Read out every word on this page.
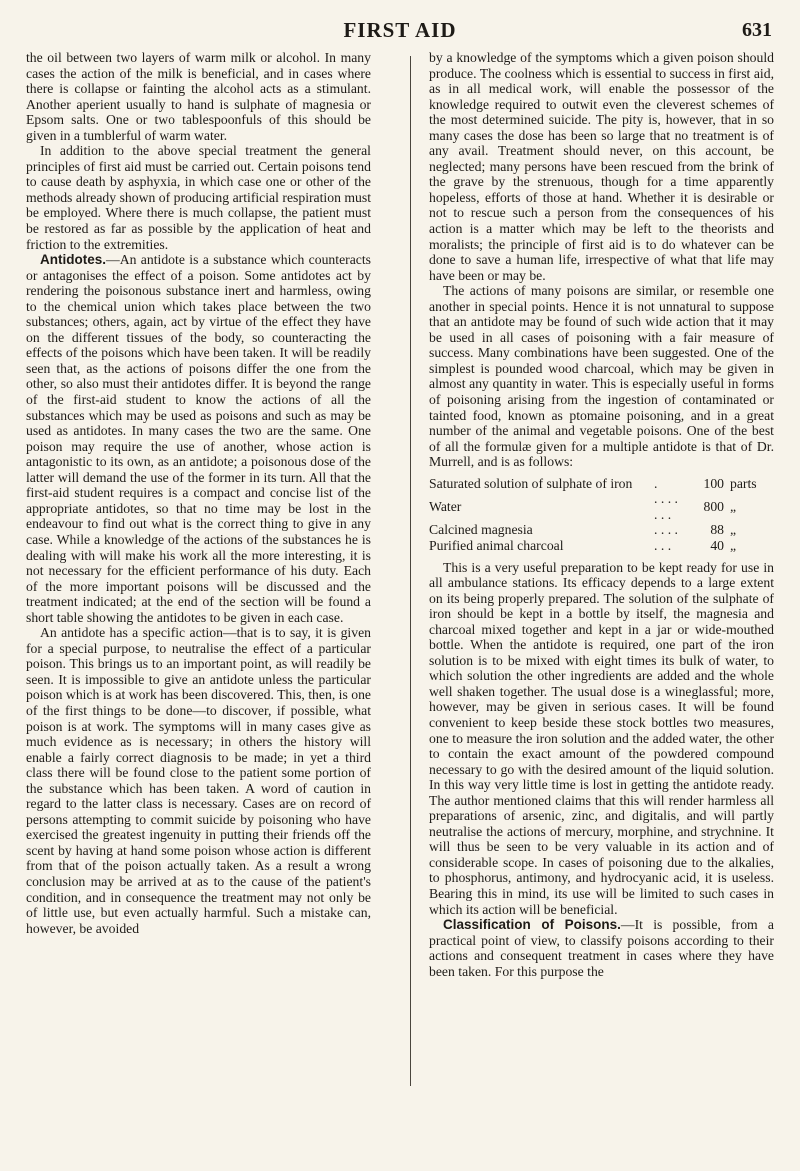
FIRST AID	631

the oil between two layers of warm milk or alcohol. In many cases the action of the milk is beneficial, and in cases where there is collapse or fainting the alcohol acts as a stimulant. Another aperient usually to hand is sulphate of magnesia or Epsom salts. One or two tablespoonfuls of this should be given in a tumblerful of warm water.

In addition to the above special treatment the general principles of first aid must be carried out. Certain poisons tend to cause death by asphyxia, in which case one or other of the methods already shown of producing artificial respiration must be employed. Where there is much collapse, the patient must be restored as far as possible by the application of heat and friction to the extremities.

Antidotes.—An antidote is a substance which counteracts or antagonises the effect of a poison. Some antidotes act by rendering the poisonous substance inert and harmless, owing to the chemical union which takes place between the two substances; others, again, act by virtue of the effect they have on the different tissues of the body, so counteracting the effects of the poisons which have been taken. It will be readily seen that, as the actions of poisons differ the one from the other, so also must their antidotes differ. It is beyond the range of the first-aid student to know the actions of all the substances which may be used as poisons and such as may be used as antidotes. In many cases the two are the same. One poison may require the use of another, whose action is antagonistic to its own, as an antidote; a poisonous dose of the latter will demand the use of the former in its turn. All that the first-aid student requires is a compact and concise list of the appropriate antidotes, so that no time may be lost in the endeavour to find out what is the correct thing to give in any case. While a knowledge of the actions of the substances he is dealing with will make his work all the more interesting, it is not necessary for the efficient performance of his duty. Each of the more important poisons will be discussed and the treatment indicated; at the end of the section will be found a short table showing the antidotes to be given in each case.

An antidote has a specific action—that is to say, it is given for a special purpose, to neutralise the effect of a particular poison. This brings us to an important point, as will readily be seen. It is impossible to give an antidote unless the particular poison which is at work has been discovered. This, then, is one of the first things to be done—to discover, if possible, what poison is at work. The symptoms will in many cases give as much evidence as is necessary; in others the history will enable a fairly correct diagnosis to be made; in yet a third class there will be found close to the patient some portion of the substance which has been taken. A word of caution in regard to the latter class is necessary. Cases are on record of persons attempting to commit suicide by poisoning who have exercised the greatest ingenuity in putting their friends off the scent by having at hand some poison whose action is different from that of the poison actually taken. As a result a wrong conclusion may be arrived at as to the cause of the patient's condition, and in consequence the treatment may not only be of little use, but even actually harmful. Such a mistake can, however, be avoided

by a knowledge of the symptoms which a given poison should produce. The coolness which is essential to success in first aid, as in all medical work, will enable the possessor of the knowledge required to outwit even the cleverest schemes of the most determined suicide. The pity is, however, that in so many cases the dose has been so large that no treatment is of any avail. Treatment should never, on this account, be neglected; many persons have been rescued from the brink of the grave by the strenuous, though for a time apparently hopeless, efforts of those at hand. Whether it is desirable or not to rescue such a person from the consequences of his action is a matter which may be left to the theorists and moralists; the principle of first aid is to do whatever can be done to save a human life, irrespective of what that life may have been or may be.

The actions of many poisons are similar, or resemble one another in special points. Hence it is not unnatural to suppose that an antidote may be found of such wide action that it may be used in all cases of poisoning with a fair measure of success. Many combinations have been suggested. One of the simplest is pounded wood charcoal, which may be given in almost any quantity in water. This is especially useful in forms of poisoning arising from the ingestion of contaminated or tainted food, known as ptomaine poisoning, and in a great number of the animal and vegetable poisons. One of the best of all the formulæ given for a multiple antidote is that of Dr. Murrell, and is as follows:

Saturated solution of sulphate of iron	.	100	parts
Water	. . . . . . .	800	„
Calcined magnesia	. . . .	88	„
Purified animal charcoal	. . .	40	„

This is a very useful preparation to be kept ready for use in all ambulance stations. Its efficacy depends to a large extent on its being properly prepared. The solution of the sulphate of iron should be kept in a bottle by itself, the magnesia and charcoal mixed together and kept in a jar or wide-mouthed bottle. When the antidote is required, one part of the iron solution is to be mixed with eight times its bulk of water, to which solution the other ingredients are added and the whole well shaken together. The usual dose is a wineglassful; more, however, may be given in serious cases. It will be found convenient to keep beside these stock bottles two measures, one to measure the iron solution and the added water, the other to contain the exact amount of the powdered compound necessary to go with the desired amount of the liquid solution. In this way very little time is lost in getting the antidote ready. The author mentioned claims that this will render harmless all preparations of arsenic, zinc, and digitalis, and will partly neutralise the actions of mercury, morphine, and strychnine. It will thus be seen to be very valuable in its action and of considerable scope. In cases of poisoning due to the alkalies, to phosphorus, antimony, and hydrocyanic acid, it is useless. Bearing this in mind, its use will be limited to such cases in which its action will be beneficial.

Classification of Poisons.—It is possible, from a practical point of view, to classify poisons according to their actions and consequent treatment in cases where they have been taken. For this purpose the
